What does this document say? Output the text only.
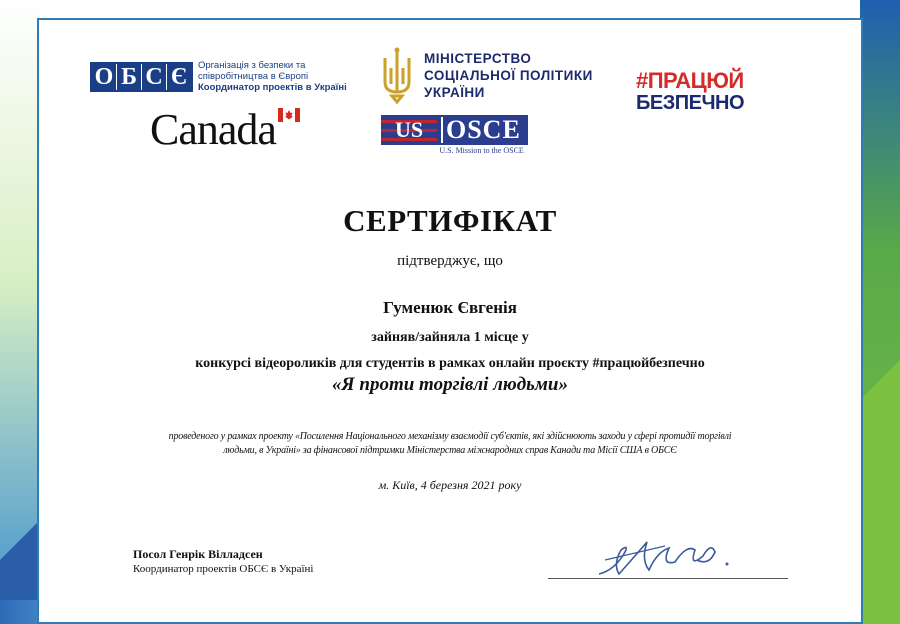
О Б С Є	Організація з безпеки та
співробітництва в Європі
Координатор проектів в Україні
Canada
МІНІСТЕРСТВО
СОЦІАЛЬНОЇ ПОЛІТИКИ
УКРАЇНИ
US OSCE
U.S. Mission to the OSCE
#ПРАЦЮЙ
БЕЗПЕЧНО
СЕРТИФІКАТ
підтверджує, що
Гуменюк Євгенія
зайняв/зайняла 1 місце у
конкурсі відеороликів для студентів в рамках онлайн проєкту #працюйбезпечно
«Я проти торгівлі людьми»
проведеного у рамках проекту «Посилення Національного механізму взаємодії суб'єктів, які здійснюють заходи у сфері протидії торгівлі
людьми, в Україні» за фінансової підтримки Міністерства міжнародних справ Канади та Місії США в ОБСЄ
м. Київ, 4 березня 2021 року
Посол Генрік Вілладсен
Координатор проектів ОБСЄ в Україні
